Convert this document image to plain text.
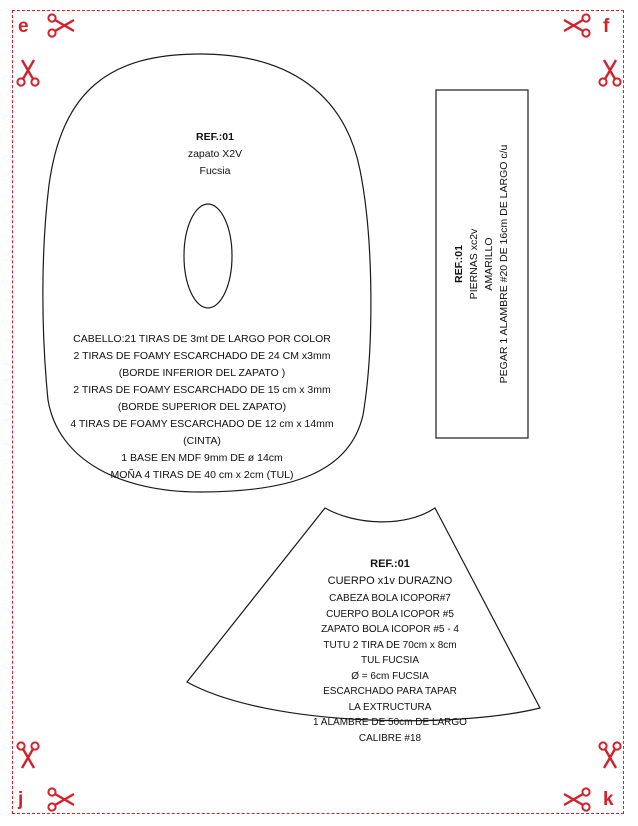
e	f
j	k
REF.:01
zapato X2V
Fucsia
CABELLO:21 TIRAS DE 3mt DE LARGO POR COLOR
2 TIRAS DE FOAMY ESCARCHADO DE 24 CM x3mm
(BORDE INFERIOR DEL ZAPATO )
2 TIRAS DE FOAMY ESCARCHADO DE 15 cm x 3mm
(BORDE SUPERIOR DEL ZAPATO)
4 TIRAS DE FOAMY ESCARCHADO DE 12 cm x 14mm
(CINTA)
1 BASE EN MDF 9mm DE ø 14cm
MOÑA 4 TIRAS DE 40 cm x 2cm (TUL)
REF.:01 PIERNAS xc2v AMARILLO PEGAR 1 ALAMBRE #20 DE 16cm DE LARGO c/u
REF.:01
CUERPO x1v DURAZNO
CABEZA BOLA ICOPOR#7
CUERPO BOLA ICOPOR #5
ZAPATO BOLA ICOPOR #5 - 4
TUTU 2 TIRA DE 70cm x 8cm
TUL FUCSIA
Ø = 6cm FUCSIA
ESCARCHADO PARA TAPAR
LA EXTRUCTURA
1 ALAMBRE DE 50cm DE LARGO
CALIBRE #18
